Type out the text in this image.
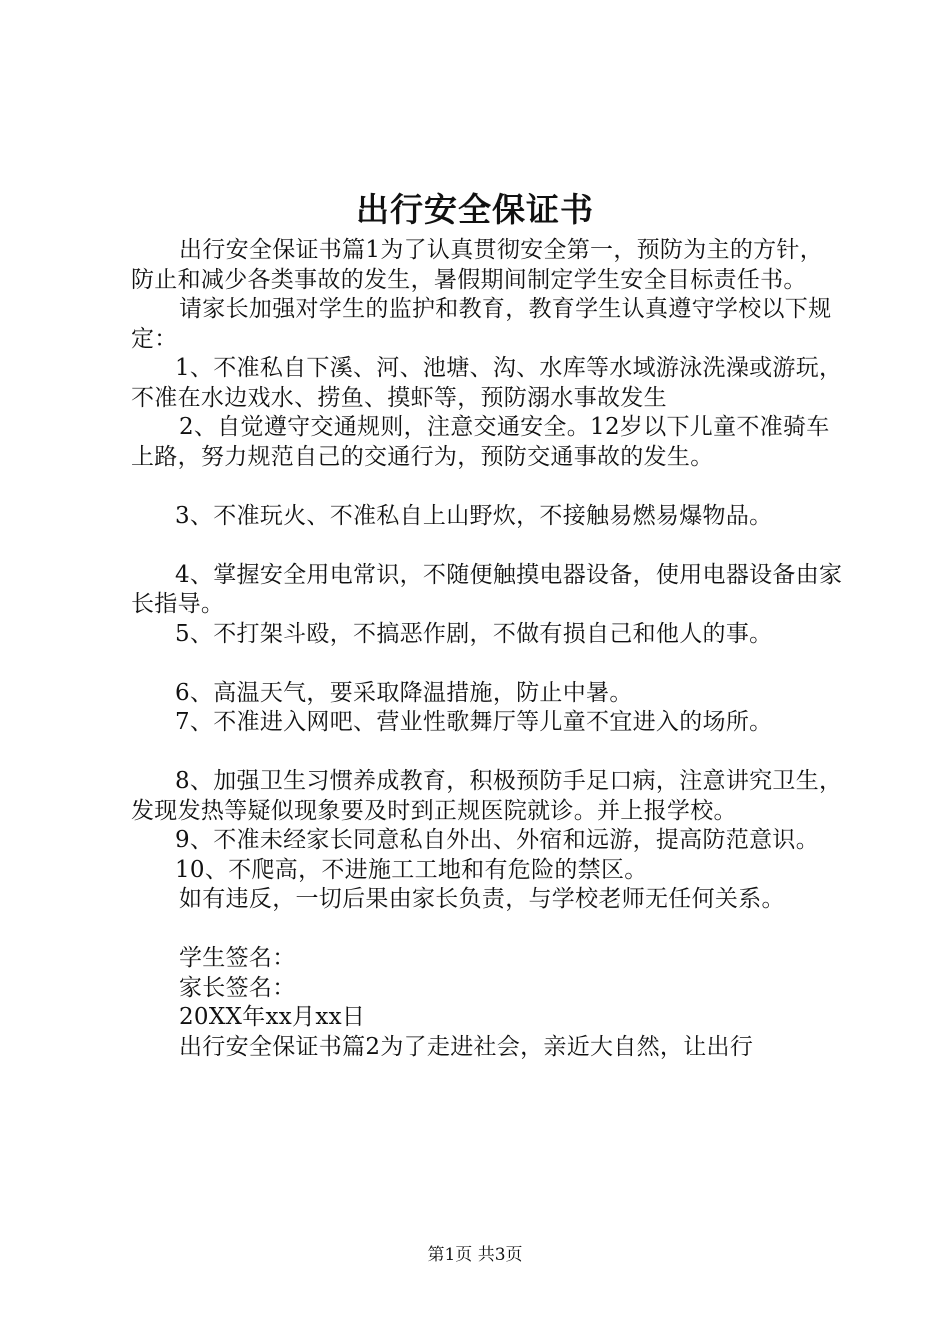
出行安全保证书

出行安全保证书篇1为了认真贯彻安全第一，预防为主的方针，防止和减少各类事故的发生，暑假期间制定学生安全目标责任书。

请家长加强对学生的监护和教育，教育学生认真遵守学校以下规定：

1、不准私自下溪、河、池塘、沟、水库等水域游泳洗澡或游玩，不准在水边戏水、捞鱼、摸虾等，预防溺水事故发生

2、自觉遵守交通规则，注意交通安全。12岁以下儿童不准骑车上路，努力规范自己的交通行为，预防交通事故的发生。

3、不准玩火、不准私自上山野炊，不接触易燃易爆物品。

4、掌握安全用电常识，不随便触摸电器设备，使用电器设备由家长指导。

5、不打架斗殴，不搞恶作剧，不做有损自己和他人的事。

6、高温天气，要采取降温措施，防止中暑。

7、不准进入网吧、营业性歌舞厅等儿童不宜进入的场所。

8、加强卫生习惯养成教育，积极预防手足口病，注意讲究卫生，发现发热等疑似现象要及时到正规医院就诊。并上报学校。

9、不准未经家长同意私自外出、外宿和远游，提高防范意识。

10、不爬高，不进施工工地和有危险的禁区。

如有违反，一切后果由家长负责，与学校老师无任何关系。

学生签名：

家长签名：

20XX年xx月xx日

出行安全保证书篇2为了走进社会，亲近大自然，让出行

第1页 共3页
